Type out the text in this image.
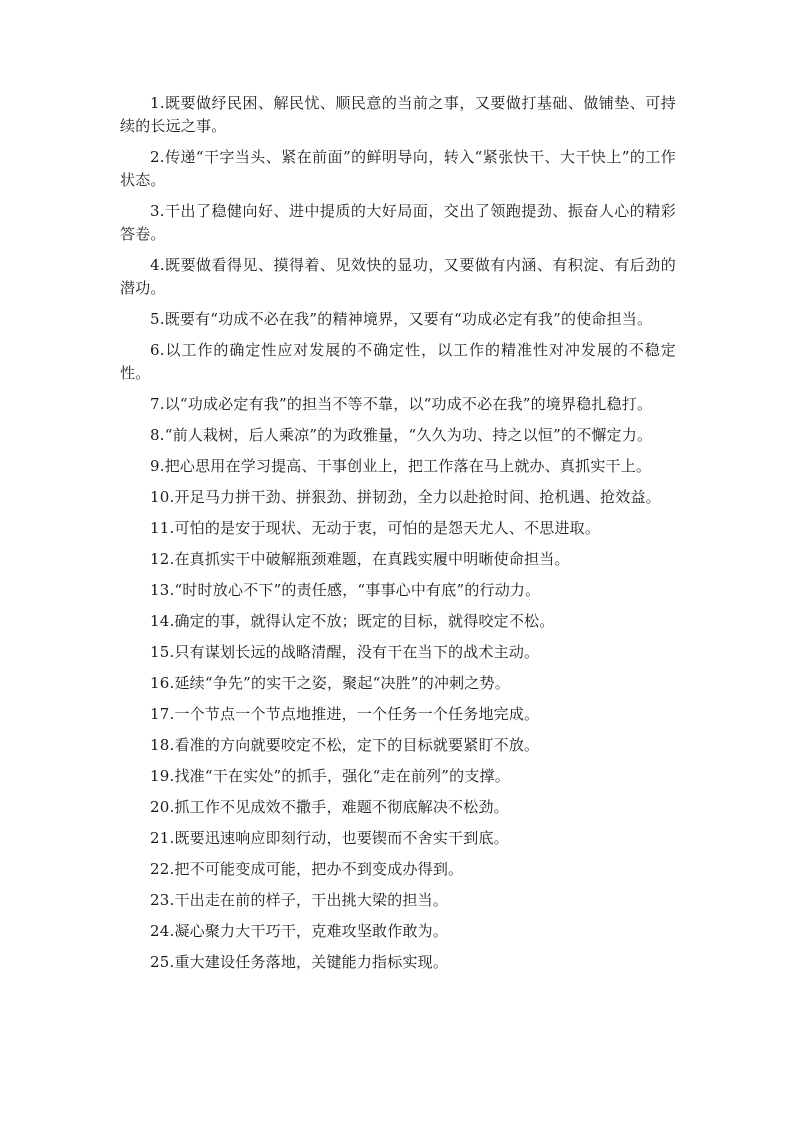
1.既要做纾民困、解民忧、顺民意的当前之事，又要做打基础、做铺垫、可持续的长远之事。

2.传递“干字当头、紧在前面”的鲜明导向，转入“紧张快干、大干快上”的工作状态。

3.干出了稳健向好、进中提质的大好局面，交出了领跑提劲、振奋人心的精彩答卷。

4.既要做看得见、摸得着、见效快的显功，又要做有内涵、有积淀、有后劲的潜功。

5.既要有“功成不必在我”的精神境界，又要有“功成必定有我”的使命担当。

6.以工作的确定性应对发展的不确定性，以工作的精准性对冲发展的不稳定性。

7.以“功成必定有我”的担当不等不靠，以“功成不必在我”的境界稳扎稳打。

8.“前人栽树，后人乘凉”的为政雅量，“久久为功、持之以恒”的不懈定力。

9.把心思用在学习提高、干事创业上，把工作落在马上就办、真抓实干上。

10.开足马力拼干劲、拼狠劲、拼韧劲，全力以赴抢时间、抢机遇、抢效益。

11.可怕的是安于现状、无动于衷，可怕的是怨天尤人、不思进取。

12.在真抓实干中破解瓶颈难题，在真践实履中明晰使命担当。

13.“时时放心不下”的责任感，“事事心中有底”的行动力。

14.确定的事，就得认定不放；既定的目标，就得咬定不松。

15.只有谋划长远的战略清醒，没有干在当下的战术主动。

16.延续“争先”的实干之姿，聚起“决胜”的冲刺之势。

17.一个节点一个节点地推进，一个任务一个任务地完成。

18.看准的方向就要咬定不松，定下的目标就要紧盯不放。

19.找准“干在实处”的抓手，强化“走在前列”的支撑。

20.抓工作不见成效不撒手，难题不彻底解决不松劲。

21.既要迅速响应即刻行动，也要锲而不舍实干到底。

22.把不可能变成可能，把办不到变成办得到。

23.干出走在前的样子，干出挑大梁的担当。

24.凝心聚力大干巧干，克难攻坚敢作敢为。

25.重大建设任务落地，关键能力指标实现。
